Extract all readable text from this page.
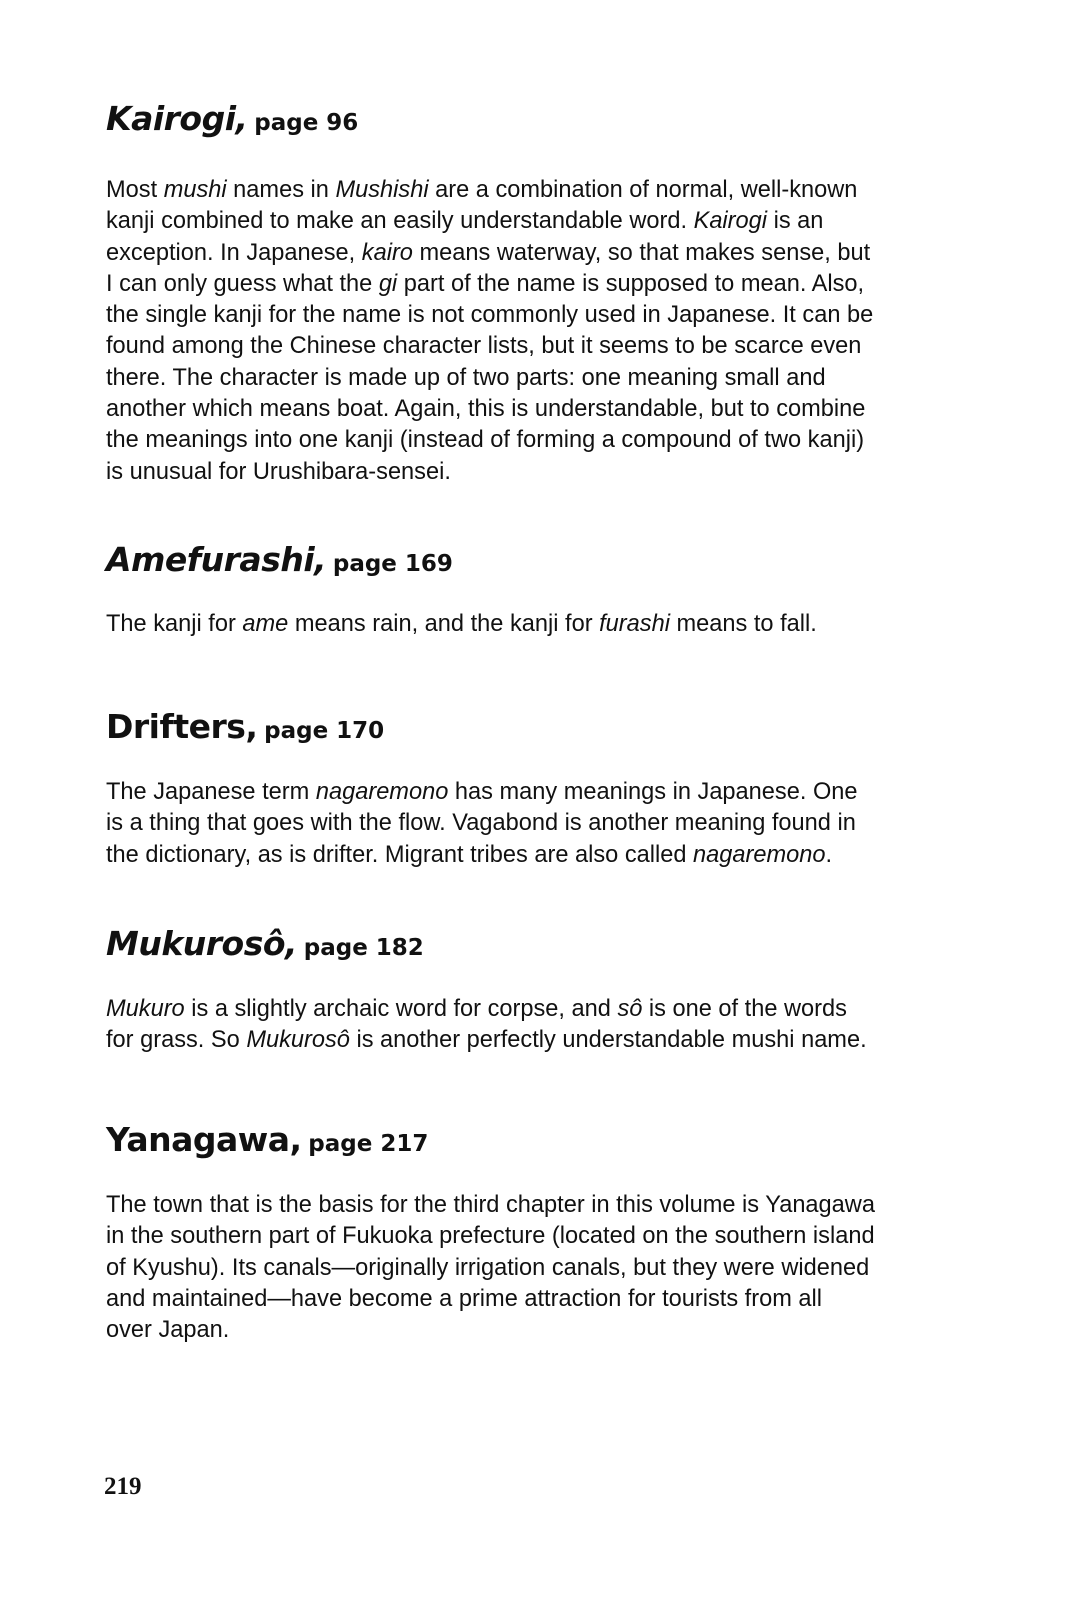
Kairogi, page 96
Most mushi names in Mushishi are a combination of normal, well-known
kanji combined to make an easily understandable word. Kairogi is an
exception. In Japanese, kairo means waterway, so that makes sense, but
I can only guess what the gi part of the name is supposed to mean. Also,
the single kanji for the name is not commonly used in Japanese. It can be
found among the Chinese character lists, but it seems to be scarce even
there. The character is made up of two parts: one meaning small and
another which means boat. Again, this is understandable, but to combine
the meanings into one kanji (instead of forming a compound of two kanji)
is unusual for Urushibara-sensei.
Amefurashi, page 169
The kanji for ame means rain, and the kanji for furashi means to fall.
Drifters, page 170
The Japanese term nagaremono has many meanings in Japanese. One
is a thing that goes with the flow. Vagabond is another meaning found in
the dictionary, as is drifter. Migrant tribes are also called nagaremono.
Mukurosô, page 182
Mukuro is a slightly archaic word for corpse, and sô is one of the words
for grass. So Mukurosô is another perfectly understandable mushi name.
Yanagawa, page 217
The town that is the basis for the third chapter in this volume is Yanagawa
in the southern part of Fukuoka prefecture (located on the southern island
of Kyushu). Its canals—originally irrigation canals, but they were widened
and maintained—have become a prime attraction for tourists from all
over Japan.

219
